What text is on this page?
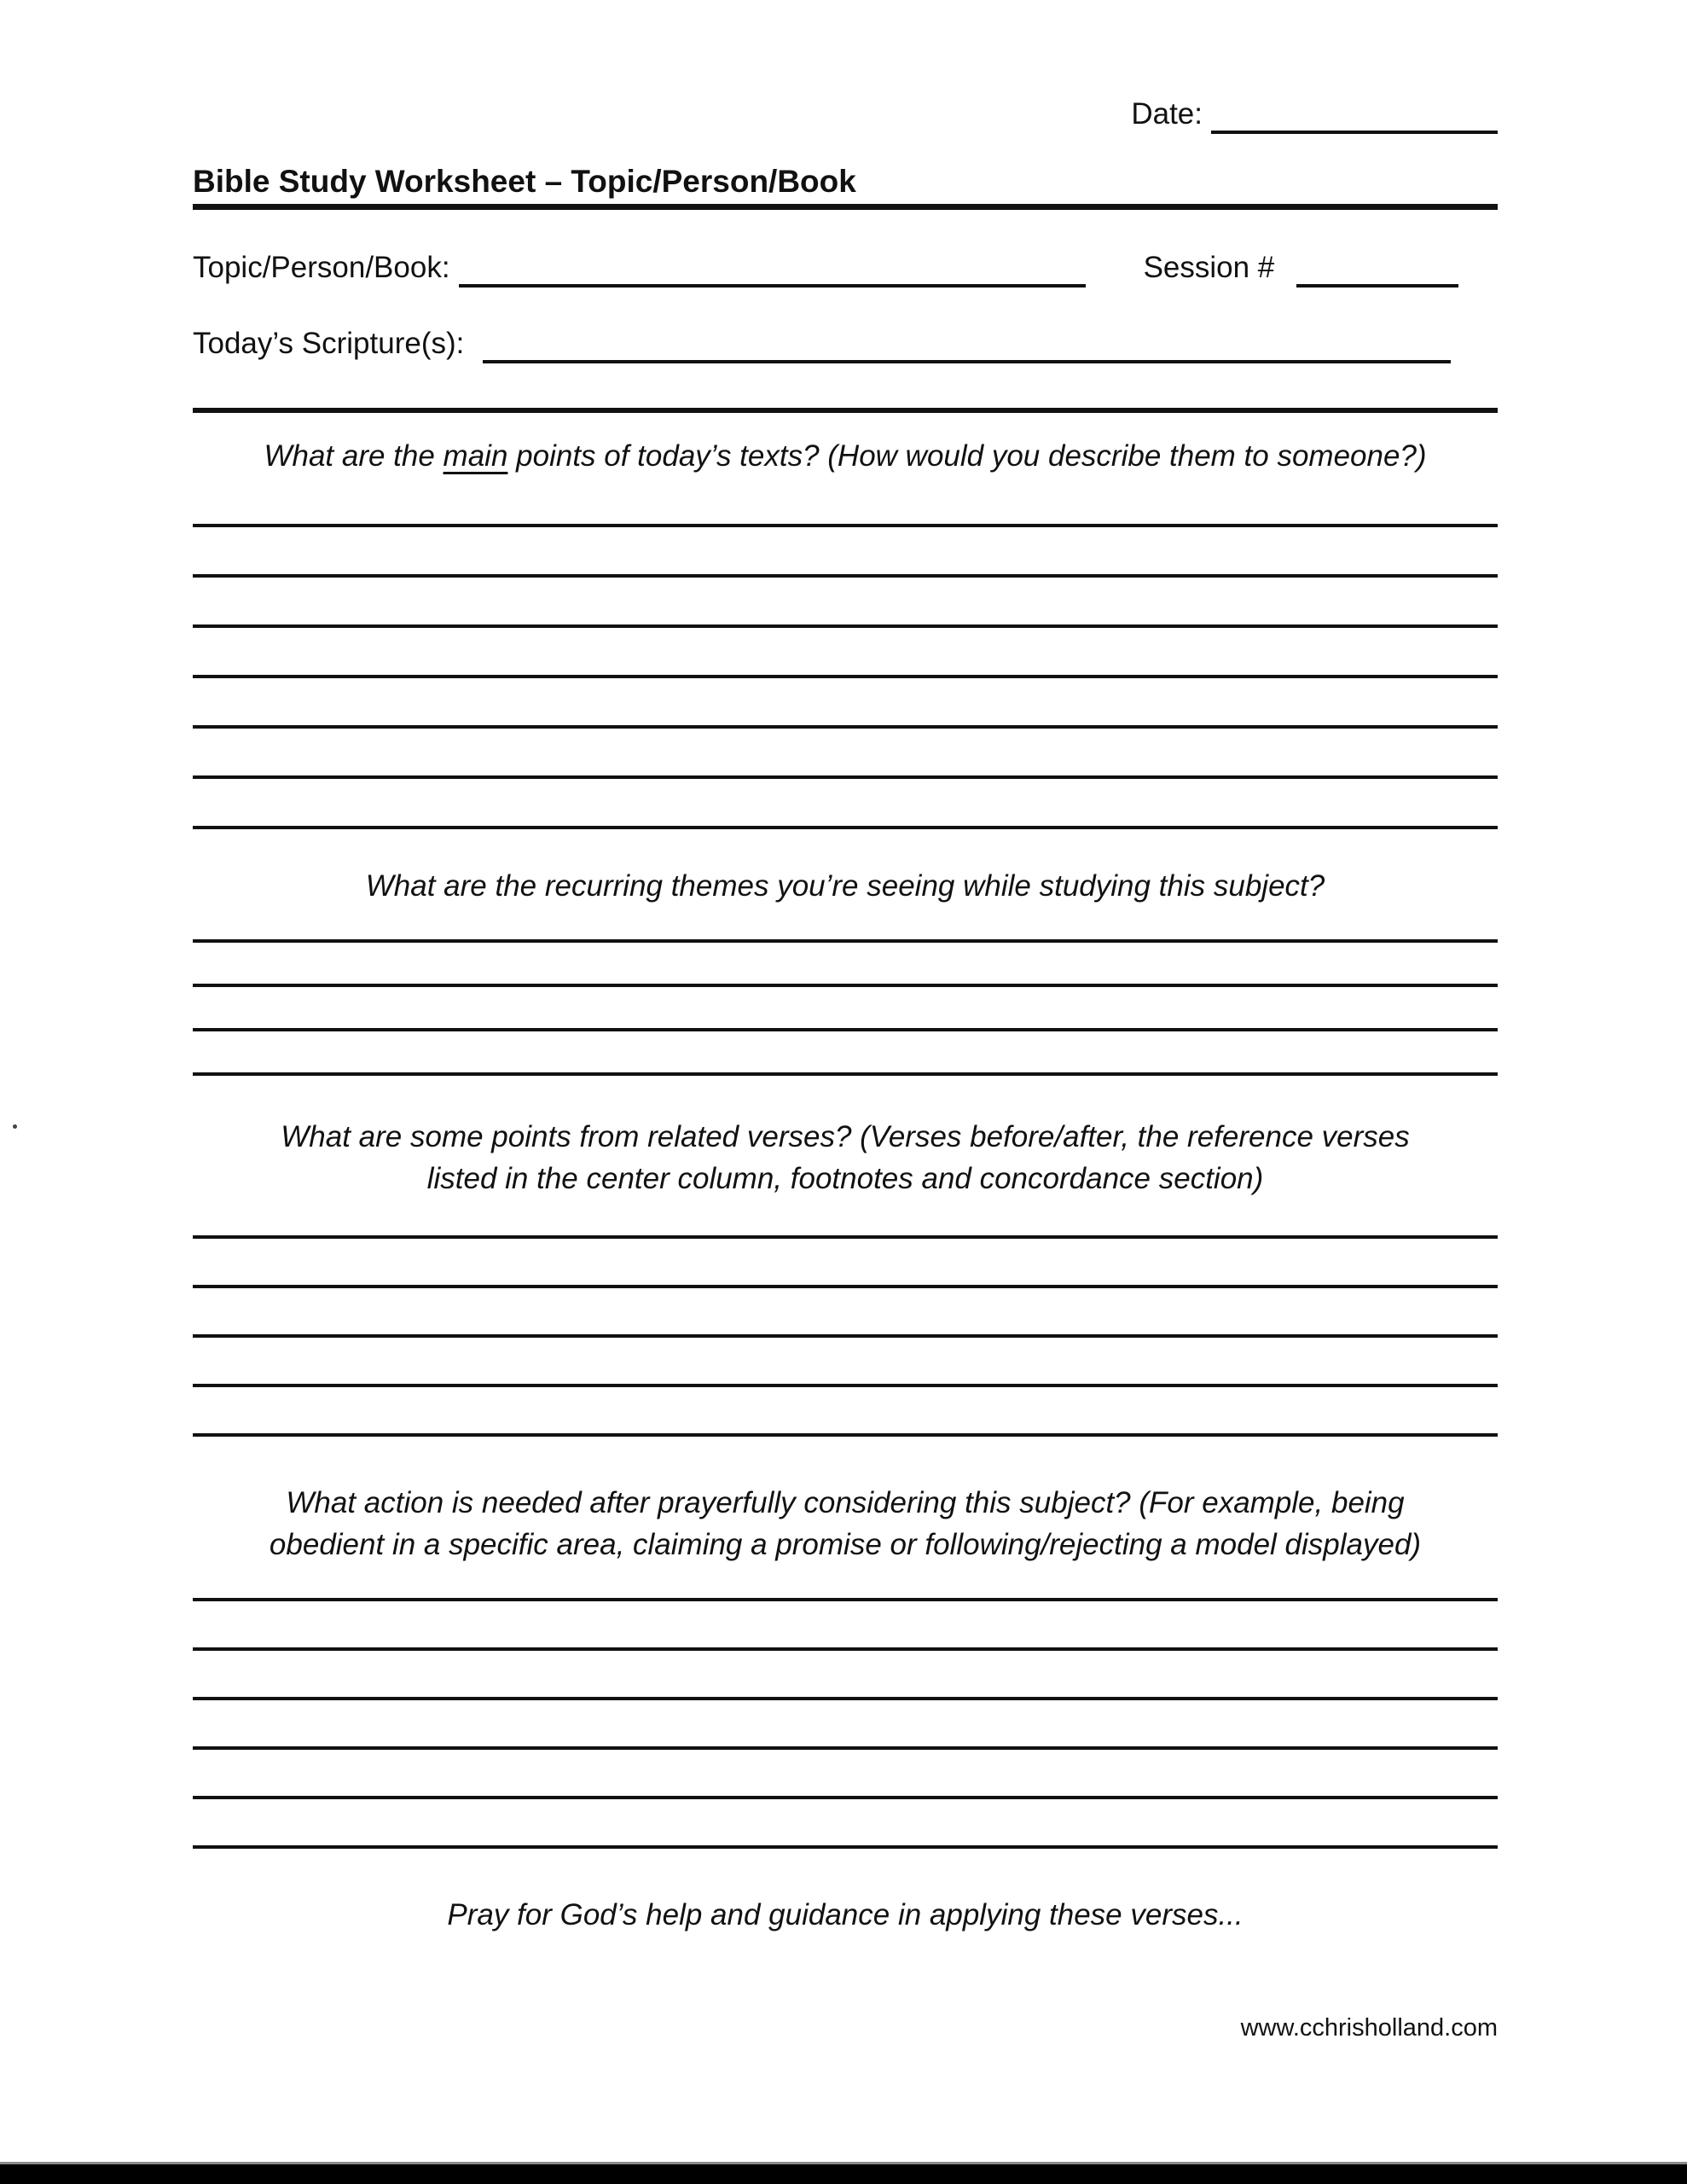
Date:
Bible Study Worksheet – Topic/Person/Book
Topic/Person/Book:	Session #
Today’s Scripture(s):
What are the main points of today’s texts? (How would you describe them to someone?)
What are the recurring themes you’re seeing while studying this subject?
What are some points from related verses? (Verses before/after, the reference verses
listed in the center column, footnotes and concordance section)
What action is needed after prayerfully considering this subject? (For example, being
obedient in a specific area, claiming a promise or following/rejecting a model displayed)
Pray for God’s help and guidance in applying these verses...
www.cchrisholland.com
